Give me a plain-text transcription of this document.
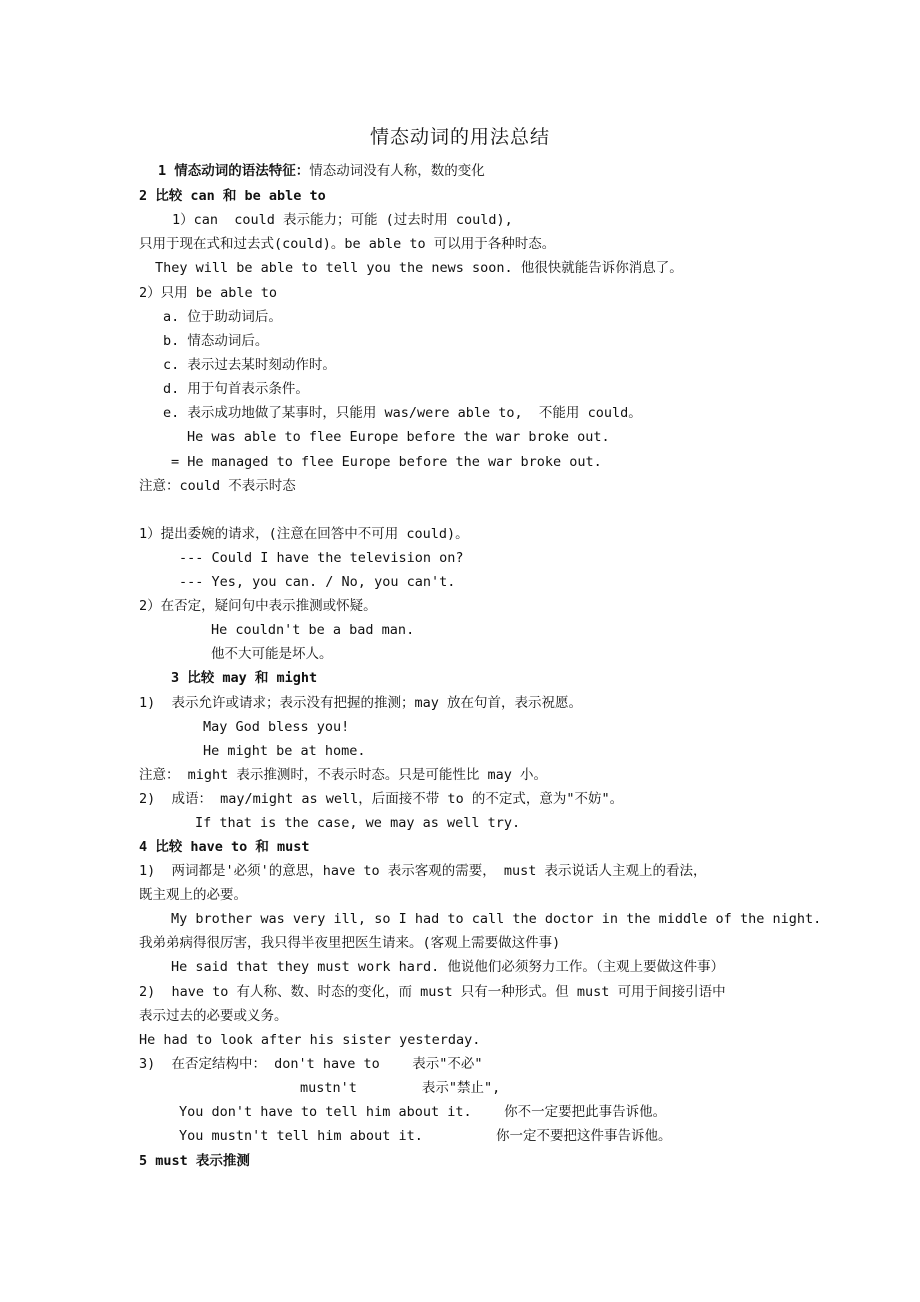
情态动词的用法总结
1 情态动词的语法特征：情态动词没有人称，数的变化
2 比较 can 和 be able to
1）can  could 表示能力；可能 (过去时用 could),
只用于现在式和过去式(could)。be able to 可以用于各种时态。
They will be able to tell you the news soon. 他很快就能告诉你消息了。
2）只用 be able to
a. 位于助动词后。
b. 情态动词后。
c. 表示过去某时刻动作时。
d. 用于句首表示条件。
e. 表示成功地做了某事时，只能用 was/were able to,  不能用 could。
He was able to flee Europe before the war broke out.
= He managed to flee Europe before the war broke out.
注意：could 不表示时态
1）提出委婉的请求，(注意在回答中不可用 could)。
--- Could I have the television on?
--- Yes, you can. / No, you can't.
2）在否定，疑问句中表示推测或怀疑。
He couldn't be a bad man.
他不大可能是坏人。
3 比较 may 和 might
1)  表示允许或请求；表示没有把握的推测；may 放在句首，表示祝愿。
May God bless you!
He might be at home.
注意： might 表示推测时，不表示时态。只是可能性比 may 小。
2)  成语： may/might as well，后面接不带 to 的不定式，意为"不妨"。
If that is the case, we may as well try.
4 比较 have to 和 must
1)  两词都是'必须'的意思，have to 表示客观的需要， must 表示说话人主观上的看法，
既主观上的必要。
My brother was very ill, so I had to call the doctor in the middle of the night.
我弟弟病得很厉害，我只得半夜里把医生请来。(客观上需要做这件事)
He said that they must work hard. 他说他们必须努力工作。（主观上要做这件事）
2)  have to 有人称、数、时态的变化，而 must 只有一种形式。但 must 可用于间接引语中
表示过去的必要或义务。
He had to look after his sister yesterday.
3)  在否定结构中： don't have to    表示"不必"
mustn't        表示"禁止",
You don't have to tell him about it.    你不一定要把此事告诉他。
You mustn't tell him about it.         你一定不要把这件事告诉他。
5 must 表示推测
